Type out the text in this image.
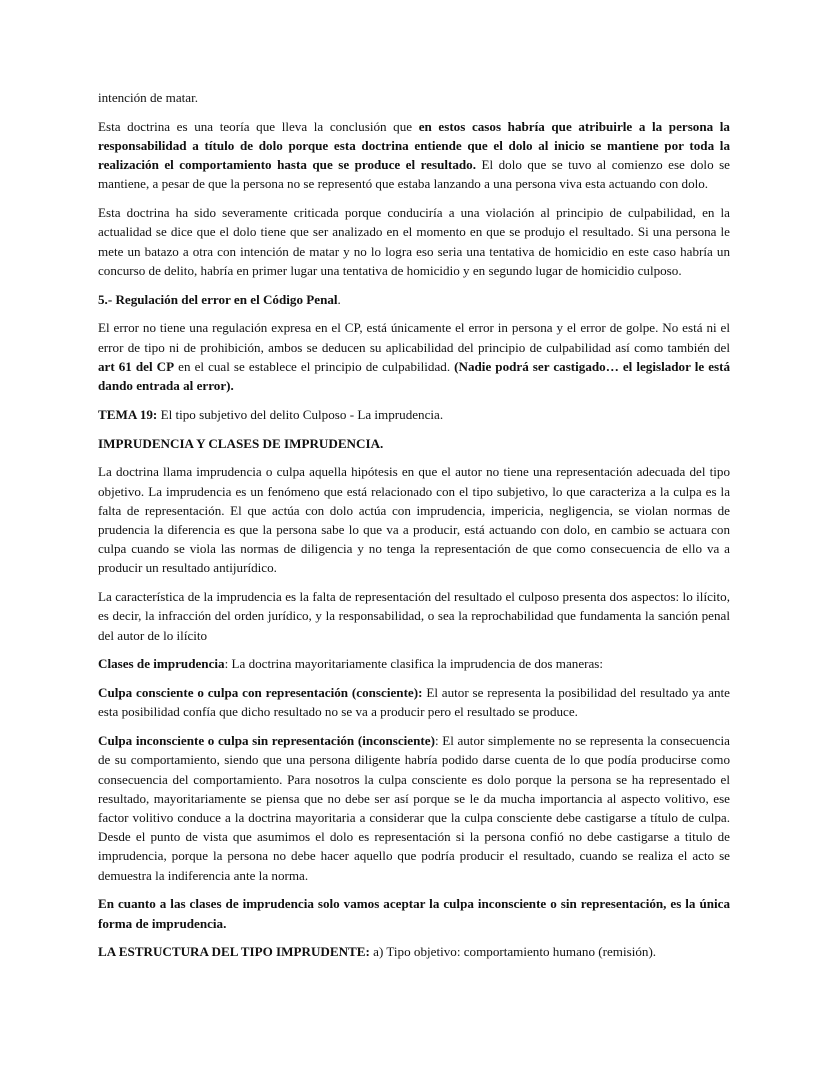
intención de matar.

Esta doctrina es una teoría que lleva la conclusión que en estos casos habría que atribuirle a la persona la responsabilidad a título de dolo porque esta doctrina entiende que el dolo al inicio se mantiene por toda la realización el comportamiento hasta que se produce el resultado. El dolo que se tuvo al comienzo ese dolo se mantiene, a pesar de que la persona no se representó que estaba lanzando a una persona viva esta actuando con dolo.

Esta doctrina ha sido severamente criticada porque conduciría a una violación al principio de culpabilidad, en la actualidad se dice que el dolo tiene que ser analizado en el momento en que se produjo el resultado. Si una persona le mete un batazo a otra con intención de matar y no lo logra eso seria una tentativa de homicidio en este caso habría un concurso de delito, habría en primer lugar una tentativa de homicidio y en segundo lugar de homicidio culposo.

5.- Regulación del error en el Código Penal.

El error no tiene una regulación expresa en el CP, está únicamente el error in persona y el error de golpe. No está ni el error de tipo ni de prohibición, ambos se deducen su aplicabilidad del principio de culpabilidad así como también del art 61 del CP en el cual se establece el principio de culpabilidad. (Nadie podrá ser castigado… el legislador le está dando entrada al error).

TEMA 19: El tipo subjetivo del delito Culposo - La imprudencia.

IMPRUDENCIA Y CLASES DE IMPRUDENCIA.

La doctrina llama imprudencia o culpa aquella hipótesis en que el autor no tiene una representación adecuada del tipo objetivo. La imprudencia es un fenómeno que está relacionado con el tipo subjetivo, lo que caracteriza a la culpa es la falta de representación. El que actúa con dolo actúa con imprudencia, impericia, negligencia, se violan normas de prudencia la diferencia es que la persona sabe lo que va a producir, está actuando con dolo, en cambio se actuara con culpa cuando se viola las normas de diligencia y no tenga la representación de que como consecuencia de ello va a producir un resultado antijurídico.

La característica de la imprudencia es la falta de representación del resultado el culposo presenta dos aspectos: lo ilícito, es decir, la infracción del orden jurídico, y la responsabilidad, o sea la reprochabilidad que fundamenta la sanción penal del autor de lo ilícito

Clases de imprudencia: La doctrina mayoritariamente clasifica la imprudencia de dos maneras:

Culpa consciente o culpa con representación (consciente): El autor se representa la posibilidad del resultado ya ante esta posibilidad confía que dicho resultado no se va a producir pero el resultado se produce.

Culpa inconsciente o culpa sin representación (inconsciente): El autor simplemente no se representa la consecuencia de su comportamiento, siendo que una persona diligente habría podido darse cuenta de lo que podía producirse como consecuencia del comportamiento. Para nosotros la culpa consciente es dolo porque la persona se ha representado el resultado, mayoritariamente se piensa que no debe ser así porque se le da mucha importancia al aspecto volitivo, ese factor volitivo conduce a la doctrina mayoritaria a considerar que la culpa consciente debe castigarse a título de culpa. Desde el punto de vista que asumimos el dolo es representación si la persona confió no debe castigarse a titulo de imprudencia, porque la persona no debe hacer aquello que podría producir el resultado, cuando se realiza el acto se demuestra la indiferencia ante la norma.

En cuanto a las clases de imprudencia solo vamos aceptar la culpa inconsciente o sin representación, es la única forma de imprudencia.

LA ESTRUCTURA DEL TIPO IMPRUDENTE: a) Tipo objetivo: comportamiento humano (remisión).
